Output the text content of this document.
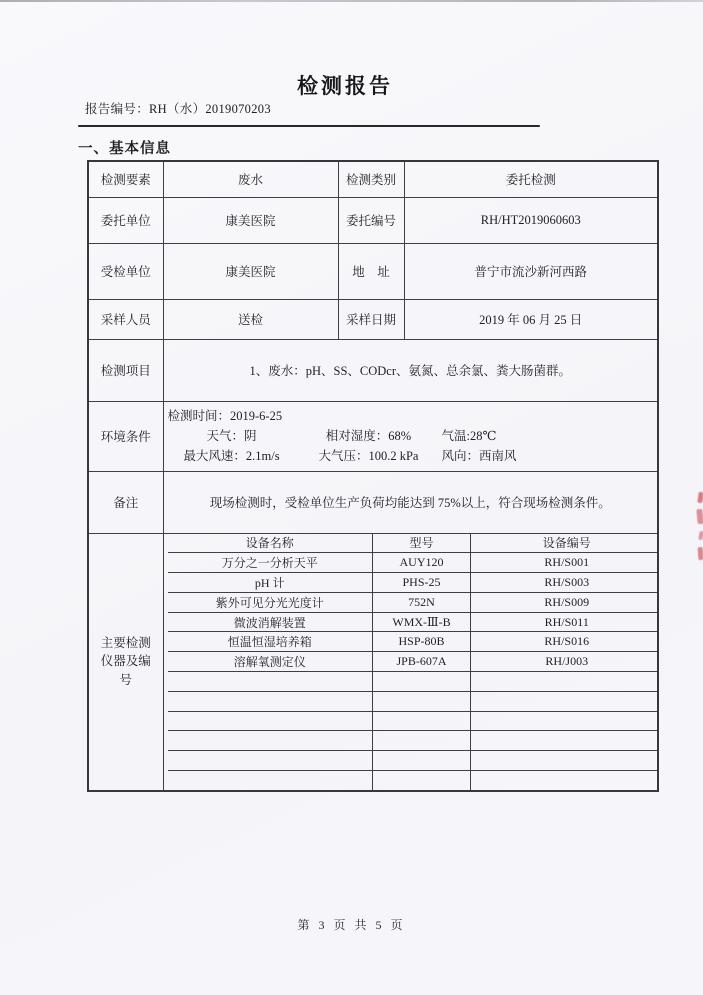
检测报告
报告编号：RH（水）2019070203
一、基本信息
检测要素	废水	检测类别	委托检测
委托单位	康美医院	委托编号	RH/HT2019060603
受检单位	康美医院	地　址	普宁市流沙新河西路
采样人员	送检	采样日期	2019 年 06 月 25 日
检测项目	1、废水：pH、SS、CODcr、氨氮、总余氯、粪大肠菌群。
环境条件	
检测时间：2019-6-25
天气：阴	相对湿度：68%	气温:28℃
最大风速：2.1m/s	大气压：100.2 kPa	风向：西南风

备注	现场检测时，受检单位生产负荷均能达到 75%以上，符合现场检测条件。
主要检测仪器及编号	
设备名称	型号	设备编号
万分之一分析天平	AUY120	RH/S001
pH 计	PHS-25	RH/S003
紫外可见分光光度计	752N	RH/S009
微波消解装置	WMX-Ⅲ-B	RH/S011
恒温恒湿培养箱	HSP-80B	RH/S016
溶解氧测定仪	JPB-607A	RH/J003

第 3 页 共 5 页
